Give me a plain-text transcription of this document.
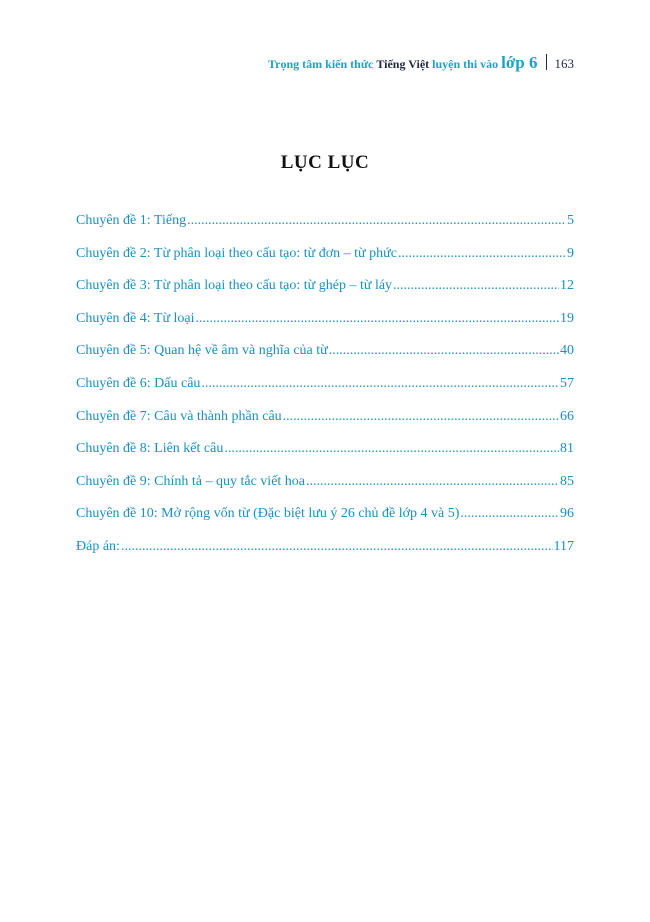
Trọng tâm kiến thức Tiếng Việt luyện thi vào lớp 6 163
LỤC LỤC
Chuyên đề 1: Tiếng .....	5
Chuyên đề 2: Từ phân loại theo cấu tạo: từ đơn – từ phức .....	9
Chuyên đề 3: Từ phân loại theo cấu tạo: từ ghép – từ láy .....	12
Chuyên đề 4: Từ loại .....	19
Chuyên đề 5: Quan hệ về âm và nghĩa của từ .....	40
Chuyên đề 6: Dấu câu .....	57
Chuyên đề 7: Câu và thành phần câu .....	66
Chuyên đề 8: Liên kết câu .....	81
Chuyên đề 9: Chính tả – quy tắc viết hoa .....	85
Chuyên đề 10: Mở rộng vốn từ (Đặc biệt lưu ý 26 chủ đề lớp 4 và 5) .....	96
Đáp án: .....	117
